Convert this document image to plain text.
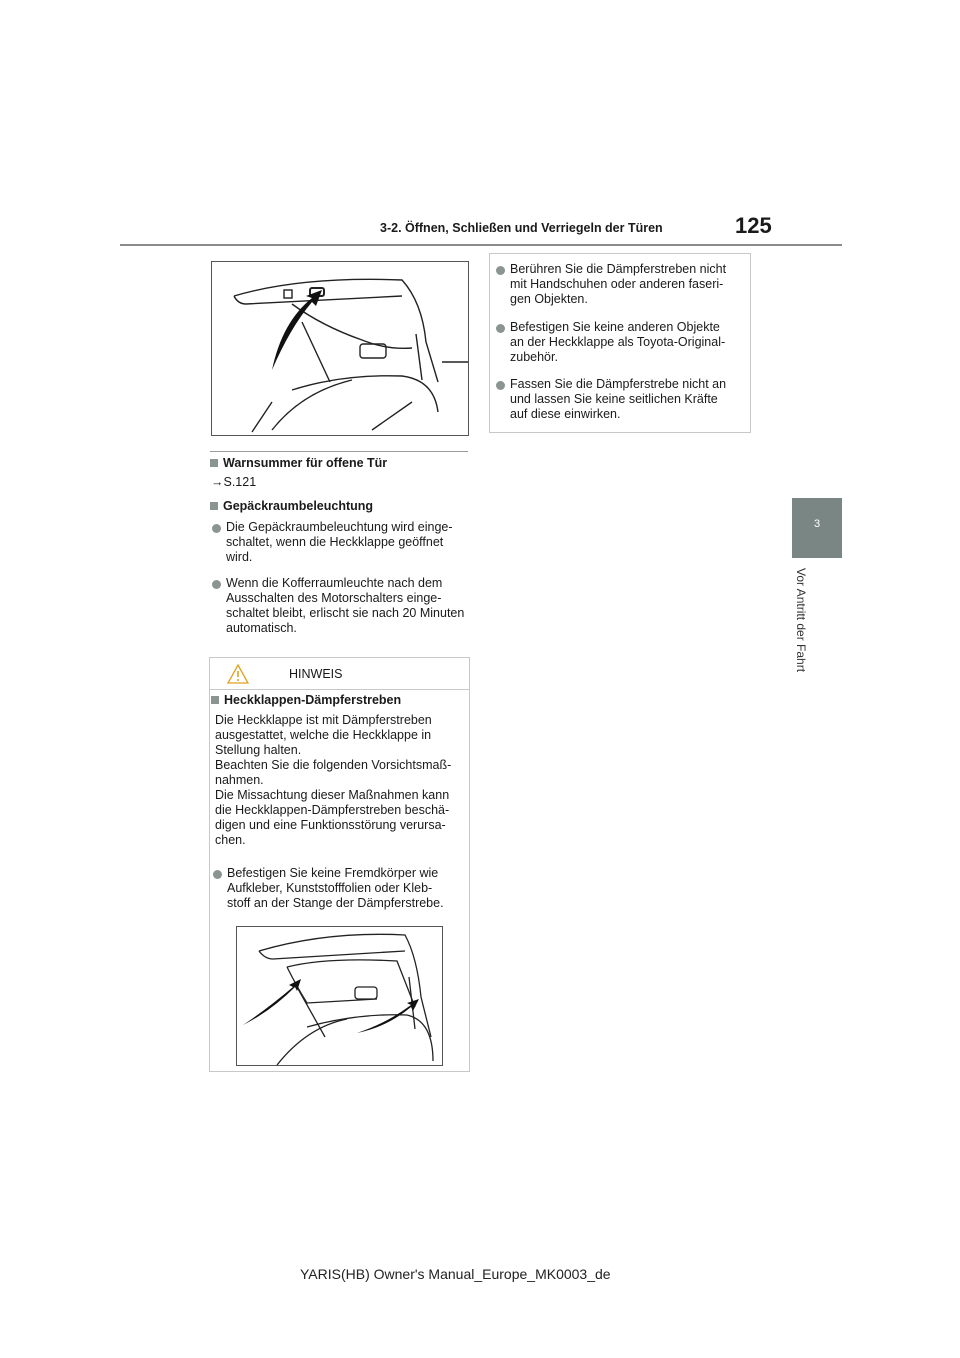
3-2. Öffnen, Schließen und Verriegeln der Türen	125
3
Vor Antritt der Fahrt
Warnsummer für offene Tür
→S.121
Gepäckraumbeleuchtung
Die Gepäckraumbeleuchtung wird einge-
schaltet, wenn die Heckklappe geöffnet
wird.
Wenn die Kofferraumleuchte nach dem
Ausschalten des Motorschalters einge-
schaltet bleibt, erlischt sie nach 20 Minuten
automatisch.
HINWEIS
Heckklappen-Dämpferstreben
Die Heckklappe ist mit Dämpferstreben
ausgestattet, welche die Heckklappe in
Stellung halten.
Beachten Sie die folgenden Vorsichtsmaß-
nahmen.
Die Missachtung dieser Maßnahmen kann
die Heckklappen-Dämpferstreben beschä-
digen und eine Funktionsstörung verursa-
chen.
Befestigen Sie keine Fremdkörper wie
Aufkleber, Kunststofffolien oder Kleb-
stoff an der Stange der Dämpferstrebe.
Berühren Sie die Dämpferstreben nicht
mit Handschuhen oder anderen faseri-
gen Objekten.
Befestigen Sie keine anderen Objekte
an der Heckklappe als Toyota-Original-
zubehör.
Fassen Sie die Dämpferstrebe nicht an
und lassen Sie keine seitlichen Kräfte
auf diese einwirken.
YARIS(HB) Owner's Manual_Europe_MK0003_de
